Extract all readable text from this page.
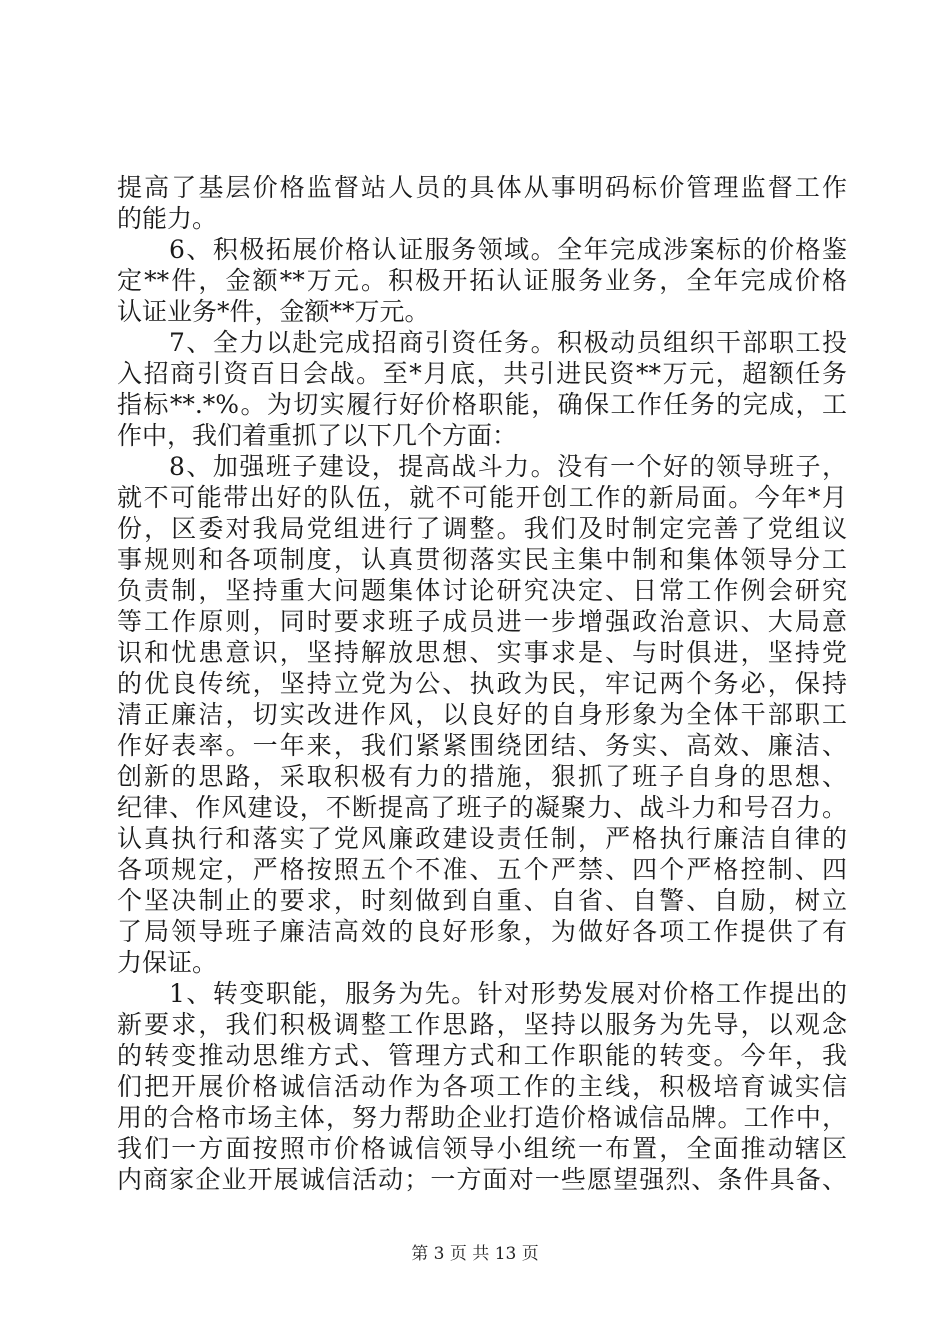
提高了基层价格监督站人员的具体从事明码标价管理监督工作
的能力。
6、积极拓展价格认证服务领域。全年完成涉案标的价格鉴
定**件，金额**万元。积极开拓认证服务业务，全年完成价格
认证业务*件，金额**万元。
7、全力以赴完成招商引资任务。积极动员组织干部职工投
入招商引资百日会战。至*月底，共引进民资**万元，超额任务
指标**.*%。为切实履行好价格职能，确保工作任务的完成，工
作中，我们着重抓了以下几个方面：
8、加强班子建设，提高战斗力。没有一个好的领导班子，
就不可能带出好的队伍，就不可能开创工作的新局面。今年*月
份，区委对我局党组进行了调整。我们及时制定完善了党组议
事规则和各项制度，认真贯彻落实民主集中制和集体领导分工
负责制，坚持重大问题集体讨论研究决定、日常工作例会研究
等工作原则，同时要求班子成员进一步增强政治意识、大局意
识和忧患意识，坚持解放思想、实事求是、与时俱进，坚持党
的优良传统，坚持立党为公、执政为民，牢记两个务必，保持
清正廉洁，切实改进作风，以良好的自身形象为全体干部职工
作好表率。一年来，我们紧紧围绕团结、务实、高效、廉洁、
创新的思路，采取积极有力的措施，狠抓了班子自身的思想、
纪律、作风建设，不断提高了班子的凝聚力、战斗力和号召力。
认真执行和落实了党风廉政建设责任制，严格执行廉洁自律的
各项规定，严格按照五个不准、五个严禁、四个严格控制、四
个坚决制止的要求，时刻做到自重、自省、自警、自励，树立
了局领导班子廉洁高效的良好形象，为做好各项工作提供了有
力保证。
1、转变职能，服务为先。针对形势发展对价格工作提出的
新要求，我们积极调整工作思路，坚持以服务为先导，以观念
的转变推动思维方式、管理方式和工作职能的转变。今年，我
们把开展价格诚信活动作为各项工作的主线，积极培育诚实信
用的合格市场主体，努力帮助企业打造价格诚信品牌。工作中，
我们一方面按照市价格诚信领导小组统一布置，全面推动辖区
内商家企业开展诚信活动；一方面对一些愿望强烈、条件具备、
第 3 页 共 13 页
